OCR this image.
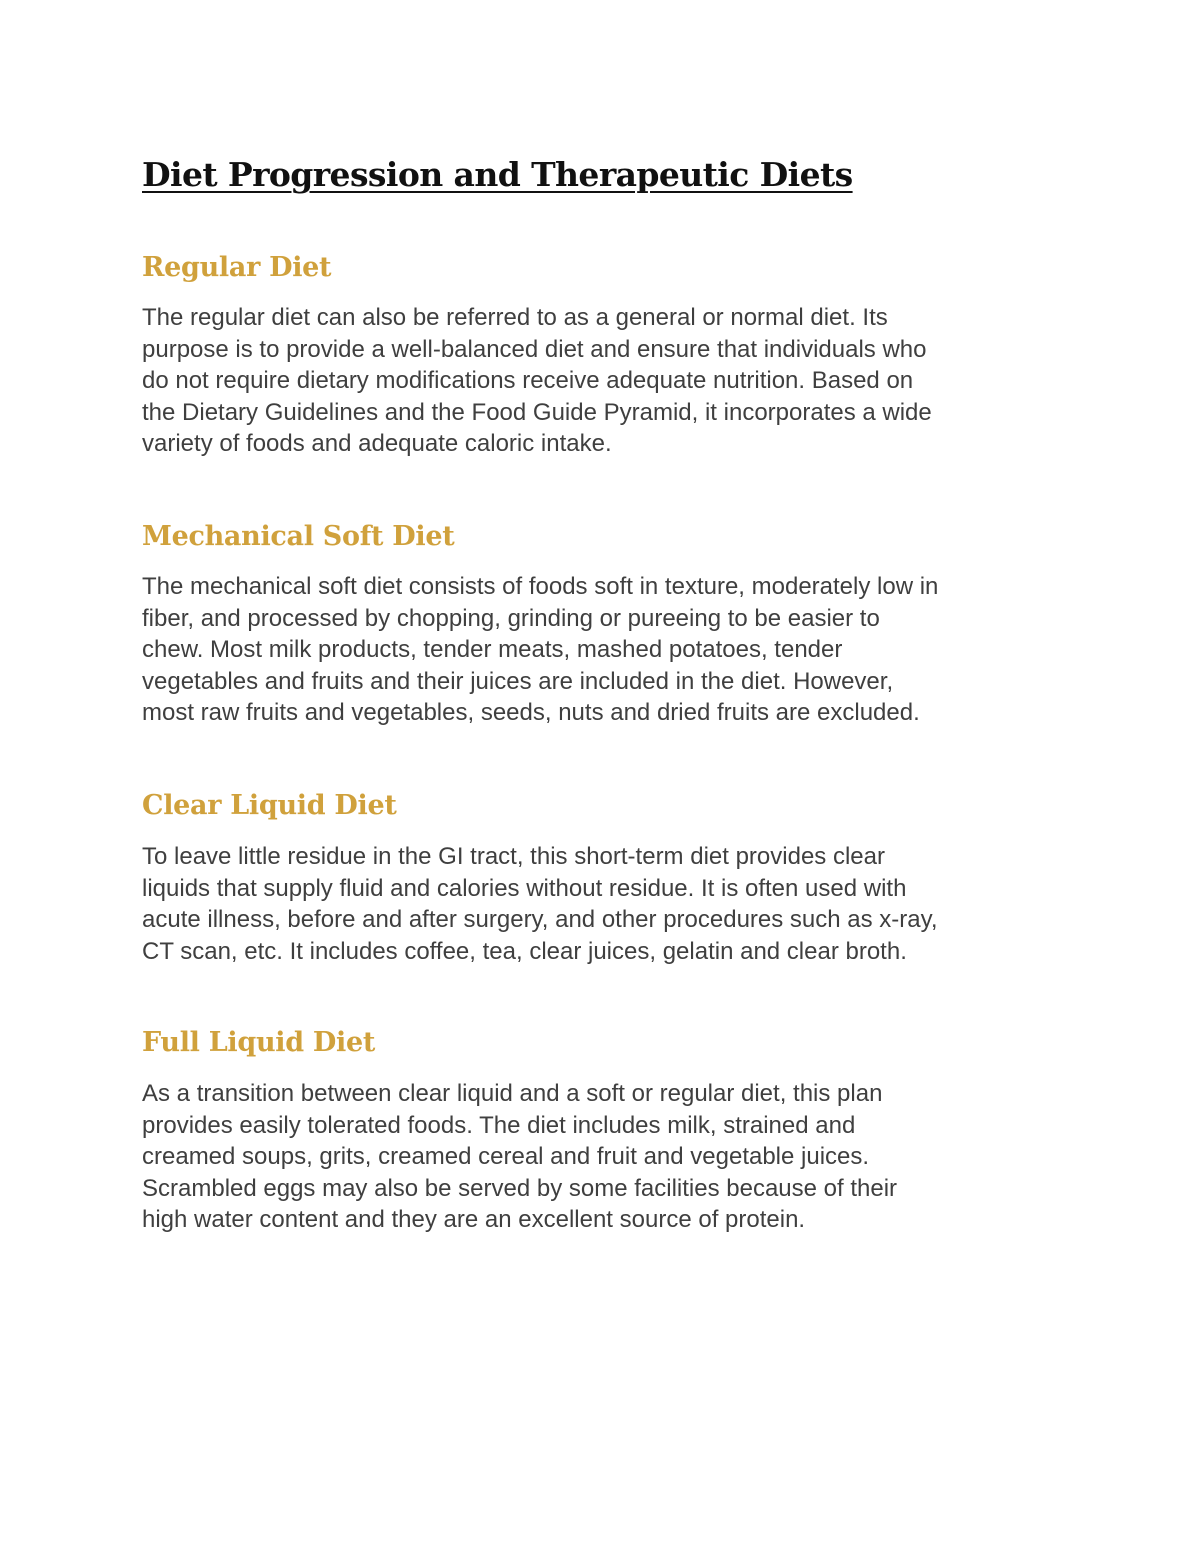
Diet Progression and Therapeutic Diets
Regular Diet

The regular diet can also be referred to as a general or normal diet. Its
purpose is to provide a well-balanced diet and ensure that individuals who
do not require dietary modifications receive adequate nutrition. Based on
the Dietary Guidelines and the Food Guide Pyramid, it incorporates a wide
variety of foods and adequate caloric intake.

Mechanical Soft Diet

The mechanical soft diet consists of foods soft in texture, moderately low in
fiber, and processed by chopping, grinding or pureeing to be easier to
chew. Most milk products, tender meats, mashed potatoes, tender
vegetables and fruits and their juices are included in the diet. However,
most raw fruits and vegetables, seeds, nuts and dried fruits are excluded.

Clear Liquid Diet

To leave little residue in the GI tract, this short-term diet provides clear
liquids that supply fluid and calories without residue. It is often used with
acute illness, before and after surgery, and other procedures such as x-ray,
CT scan, etc. It includes coffee, tea, clear juices, gelatin and clear broth.

Full Liquid Diet

As a transition between clear liquid and a soft or regular diet, this plan
provides easily tolerated foods. The diet includes milk, strained and
creamed soups, grits, creamed cereal and fruit and vegetable juices.
Scrambled eggs may also be served by some facilities because of their
high water content and they are an excellent source of protein.
